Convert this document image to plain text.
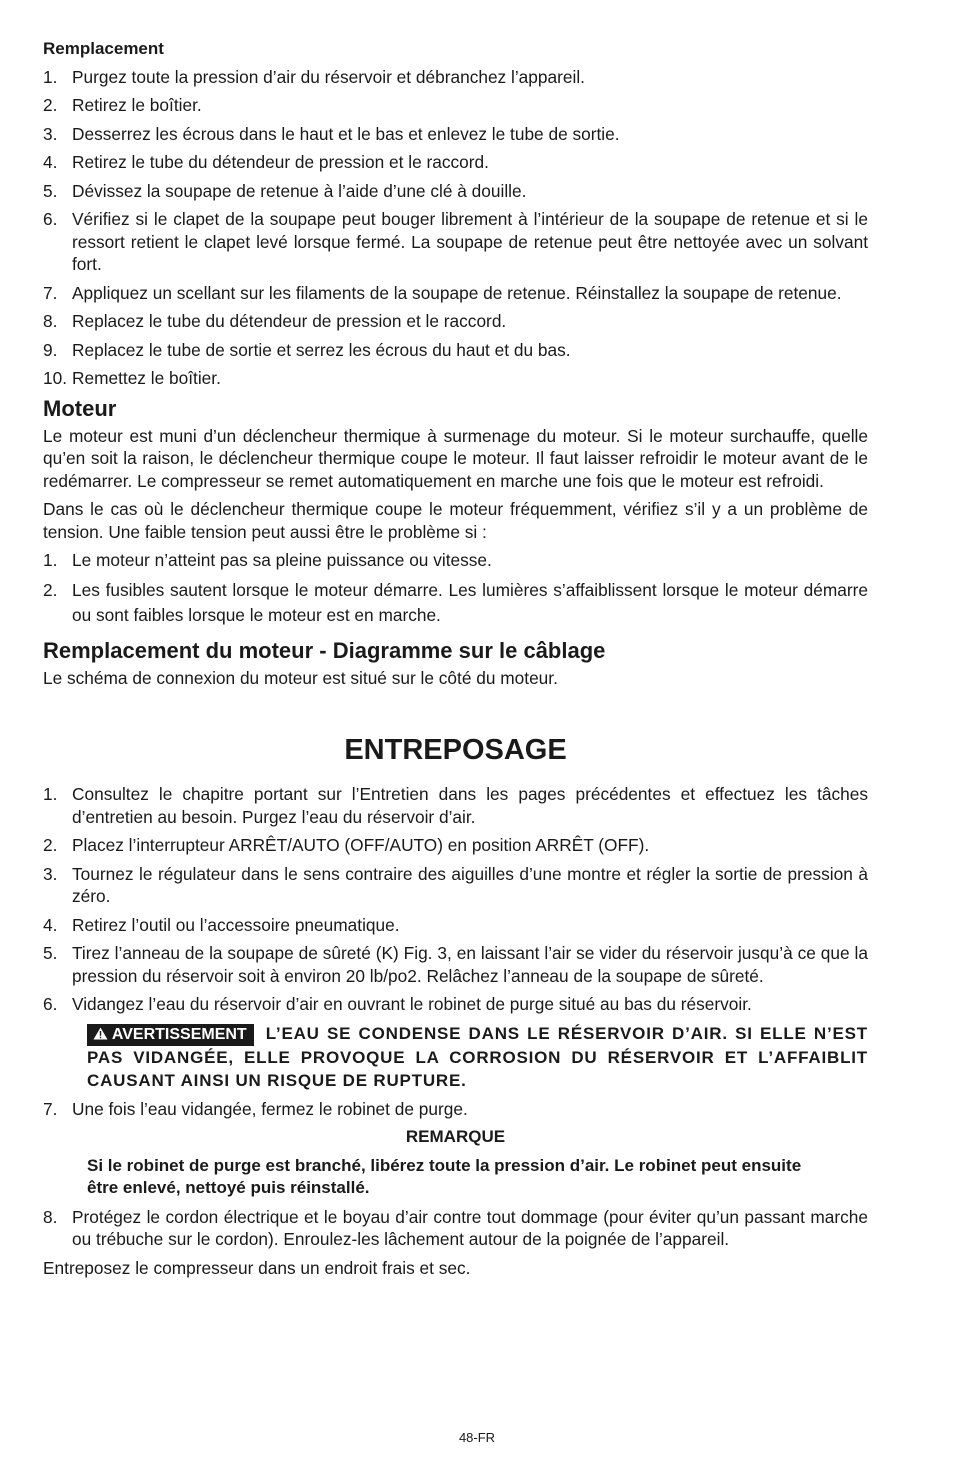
Remplacement
1. Purgez toute la pression d’air du réservoir et débranchez l’appareil.
2. Retirez le boîtier.
3. Desserrez les écrous dans le haut et le bas et enlevez le tube de sortie.
4. Retirez le tube du détendeur de pression et le raccord.
5. Dévissez la soupape de retenue à l’aide d’une clé à douille.
6. Vérifiez si le clapet de la soupape peut bouger librement à l’intérieur de la soupape de retenue et si le ressort retient le clapet levé lorsque fermé. La soupape de retenue peut être nettoyée avec un solvant fort.
7. Appliquez un scellant sur les filaments de la soupape de retenue. Réinstallez la soupape de retenue.
8. Replacez le tube du détendeur de pression et le raccord.
9. Replacez le tube de sortie et serrez les écrous du haut et du bas.
10. Remettez le boîtier.
Moteur

Le moteur est muni d’un déclencheur thermique à surmenage du moteur. Si le moteur surchauffe, quelle qu’en soit la raison, le déclencheur thermique coupe le moteur. Il faut laisser refroidir le moteur avant de le redémarrer. Le compresseur se remet automatiquement en marche une fois que le moteur est refroidi.

Dans le cas où le déclencheur thermique coupe le moteur fréquemment, vérifiez s’il y a un problème de tension. Une faible tension peut aussi être le problème si :

1. Le moteur n’atteint pas sa pleine puissance ou vitesse.
2. Les fusibles sautent lorsque le moteur démarre. Les lumières s’affaiblissent lorsque le moteur démarre ou sont faibles lorsque le moteur est en marche.
Remplacement du moteur - Diagramme sur le câblage

Le schéma de connexion du moteur est situé sur le côté du moteur.

ENTREPOSAGE
1. Consultez le chapitre portant sur l’Entretien dans les pages précédentes et effectuez les tâches d’entretien au besoin. Purgez l’eau du réservoir d’air.
2. Placez l’interrupteur ARRÊT/AUTO (OFF/AUTO) en position ARRÊT (OFF).
3. Tournez le régulateur dans le sens contraire des aiguilles d’une montre et régler la sortie de pression à zéro.
4. Retirez l’outil ou l’accessoire pneumatique.
5. Tirez l’anneau de la soupape de sûreté (K) Fig. 3, en laissant l’air se vider du réservoir jusqu’à ce que la pression du réservoir soit à environ 20 lb/po2. Relâchez l’anneau de la soupape de sûreté.
6. Vidangez l’eau du réservoir d’air en ouvrant le robinet de purge situé au bas du réservoir.
AVERTISSEMENT L’EAU SE CONDENSE DANS LE RÉSERVOIR D’AIR. SI ELLE N’EST PAS VIDANGÉE, ELLE PROVOQUE LA CORROSION DU RÉSERVOIR ET L’AFFAIBLIT CAUSANT AINSI UN RISQUE DE RUPTURE.
7. Une fois l’eau vidangée, fermez le robinet de purge.
REMARQUE
Si le robinet de purge est branché, libérez toute la pression d’air. Le robinet peut ensuite être enlevé, nettoyé puis réinstallé.
8. Protégez le cordon électrique et le boyau d’air contre tout dommage (pour éviter qu’un passant marche ou trébuche sur le cordon). Enroulez-les lâchement autour de la poignée de l’appareil.

Entreposez le compresseur dans un endroit frais et sec.

48-FR
